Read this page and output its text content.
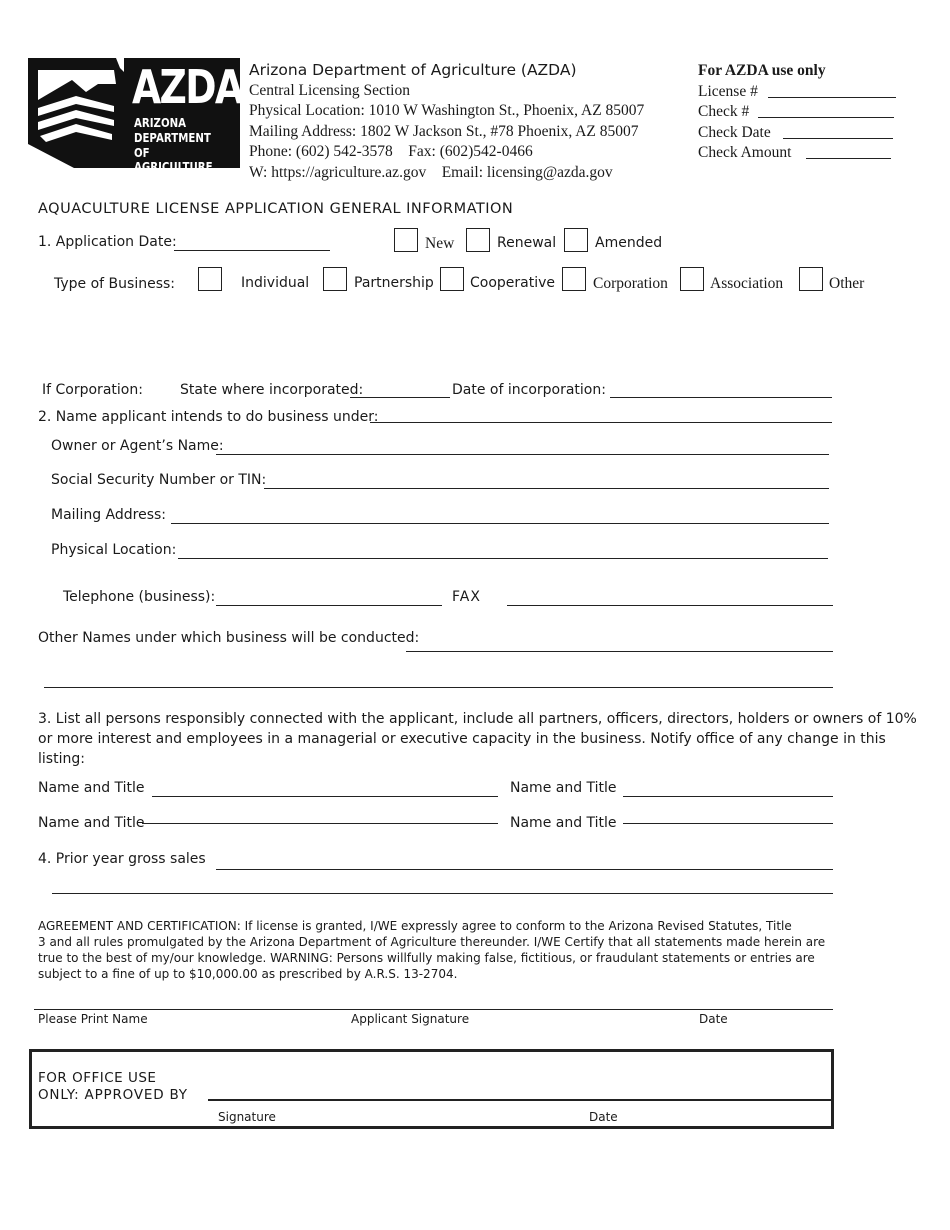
AZDA
ARIZONA
DEPARTMENT
OF AGRICULTURE
Arizona Department of Agriculture (AZDA)
Central Licensing Section
Physical Location: 1010 W Washington St., Phoenix, AZ 85007
Mailing Address: 1802 W Jackson St., #78 Phoenix, AZ 85007
Phone: (602) 542-3578 Fax: (602)542-0466
W: https://agriculture.az.gov Email: licensing@azda.gov
For AZDA use only
License #
Check #
Check Date
Check Amount
AQUACULTURE LICENSE APPLICATION GENERAL INFORMATION
1. Application Date:	New	Renewal	Amended
Type of Business:	Individual	Partnership	Cooperative Corporation	Association	Other
If Corporation:	State where incorporated:	Date of incorporation:
2. Name applicant intends to do business under:
Owner or Agent’s Name:
Social Security Number or TIN:
Mailing Address:
Physical Location:
Telephone (business):	FAX
Other Names under which business will be conducted:
3. List all persons responsibly connected with the applicant, include all partners, officers, directors, holders or owners of 10%
or more interest and employees in a managerial or executive capacity in the business. Notify office of any change in this
listing:
Name and Title	Name and Title
Name and Title	Name and Title
4. Prior year gross sales
AGREEMENT AND CERTIFICATION: If license is granted, I/WE expressly agree to conform to the Arizona Revised Statutes, Title
3 and all rules promulgated by the Arizona Department of Agriculture thereunder. I/WE Certify that all statements made herein are
true to the best of my/our knowledge. WARNING: Persons willfully making false, fictitious, or fraudulant statements or entries are
subject to a fine of up to $10,000.00 as prescribed by A.R.S. 13-2704.
Please Print Name	Applicant Signature	Date
FOR OFFICE USE
ONLY: APPROVED BY
Signature	Date
